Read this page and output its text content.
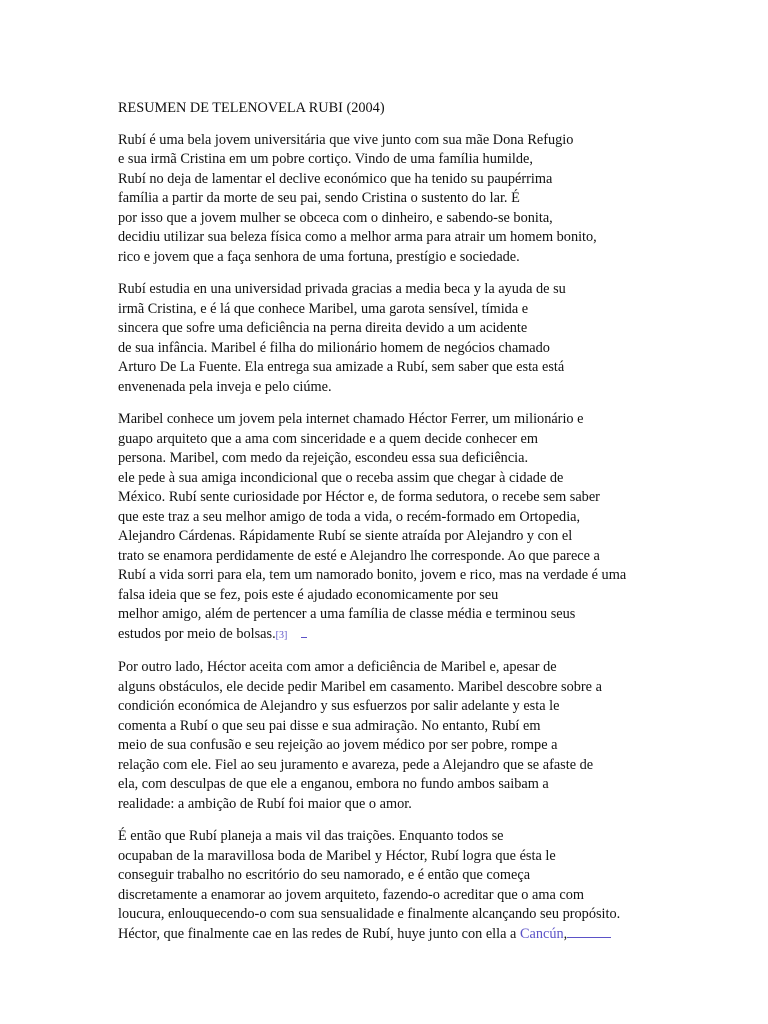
RESUMEN DE TELENOVELA RUBI (2004)
Rubí é uma bela jovem universitária que vive junto com sua mãe Dona Refugio
e sua irmã Cristina em um pobre cortiço. Vindo de uma família humilde,
Rubí no deja de lamentar el declive económico que ha tenido su paupérrima
família a partir da morte de seu pai, sendo Cristina o sustento do lar. É
por isso que a jovem mulher se obceca com o dinheiro, e sabendo-se bonita,
decidiu utilizar sua beleza física como a melhor arma para atrair um homem bonito,
rico e jovem que a faça senhora de uma fortuna, prestígio e sociedade.
Rubí estudia en una universidad privada gracias a media beca y la ayuda de su
irmã Cristina, e é lá que conhece Maribel, uma garota sensível, tímida e
sincera que sofre uma deficiência na perna direita devido a um acidente
de sua infância. Maribel é filha do milionário homem de negócios chamado
Arturo De La Fuente. Ela entrega sua amizade a Rubí, sem saber que esta está
envenenada pela inveja e pelo ciúme.
Maribel conhece um jovem pela internet chamado Héctor Ferrer, um milionário e
guapo arquiteto que a ama com sinceridade e a quem decide conhecer em
persona. Maribel, com medo da rejeição, escondeu essa sua deficiência.
ele pede à sua amiga incondicional que o receba assim que chegar à cidade de
México. Rubí sente curiosidade por Héctor e, de forma sedutora, o recebe sem saber
que este traz a seu melhor amigo de toda a vida, o recém-formado em Ortopedia,
Alejandro Cárdenas. Rápidamente Rubí se siente atraída por Alejandro y con el
trato se enamora perdidamente de esté e Alejandro lhe corresponde. Ao que parece a
Rubí a vida sorri para ela, tem um namorado bonito, jovem e rico, mas na verdade é uma
falsa ideia que se fez, pois este é ajudado economicamente por seu
melhor amigo, além de pertencer a uma família de classe média e terminou seus
estudos por meio de bolsas.[3]
Por outro lado, Héctor aceita com amor a deficiência de Maribel e, apesar de
alguns obstáculos, ele decide pedir Maribel em casamento. Maribel descobre sobre a
condición económica de Alejandro y sus esfuerzos por salir adelante y esta le
comenta a Rubí o que seu pai disse e sua admiração. No entanto, Rubí em
meio de sua confusão e seu rejeição ao jovem médico por ser pobre, rompe a
relação com ele. Fiel ao seu juramento e avareza, pede a Alejandro que se afaste de
ela, com desculpas de que ele a enganou, embora no fundo ambos saibam a
realidade: a ambição de Rubí foi maior que o amor.
É então que Rubí planeja a mais vil das traições. Enquanto todos se
ocupaban de la maravillosa boda de Maribel y Héctor, Rubí logra que ésta le
conseguir trabalho no escritório do seu namorado, e é então que começa
discretamente a enamorar ao jovem arquiteto, fazendo-o acreditar que o ama com
loucura, enlouquecendo-o com sua sensualidade e finalmente alcançando seu propósito.
Héctor, que finalmente cae en las redes de Rubí, huye junto con ella a Cancún,
